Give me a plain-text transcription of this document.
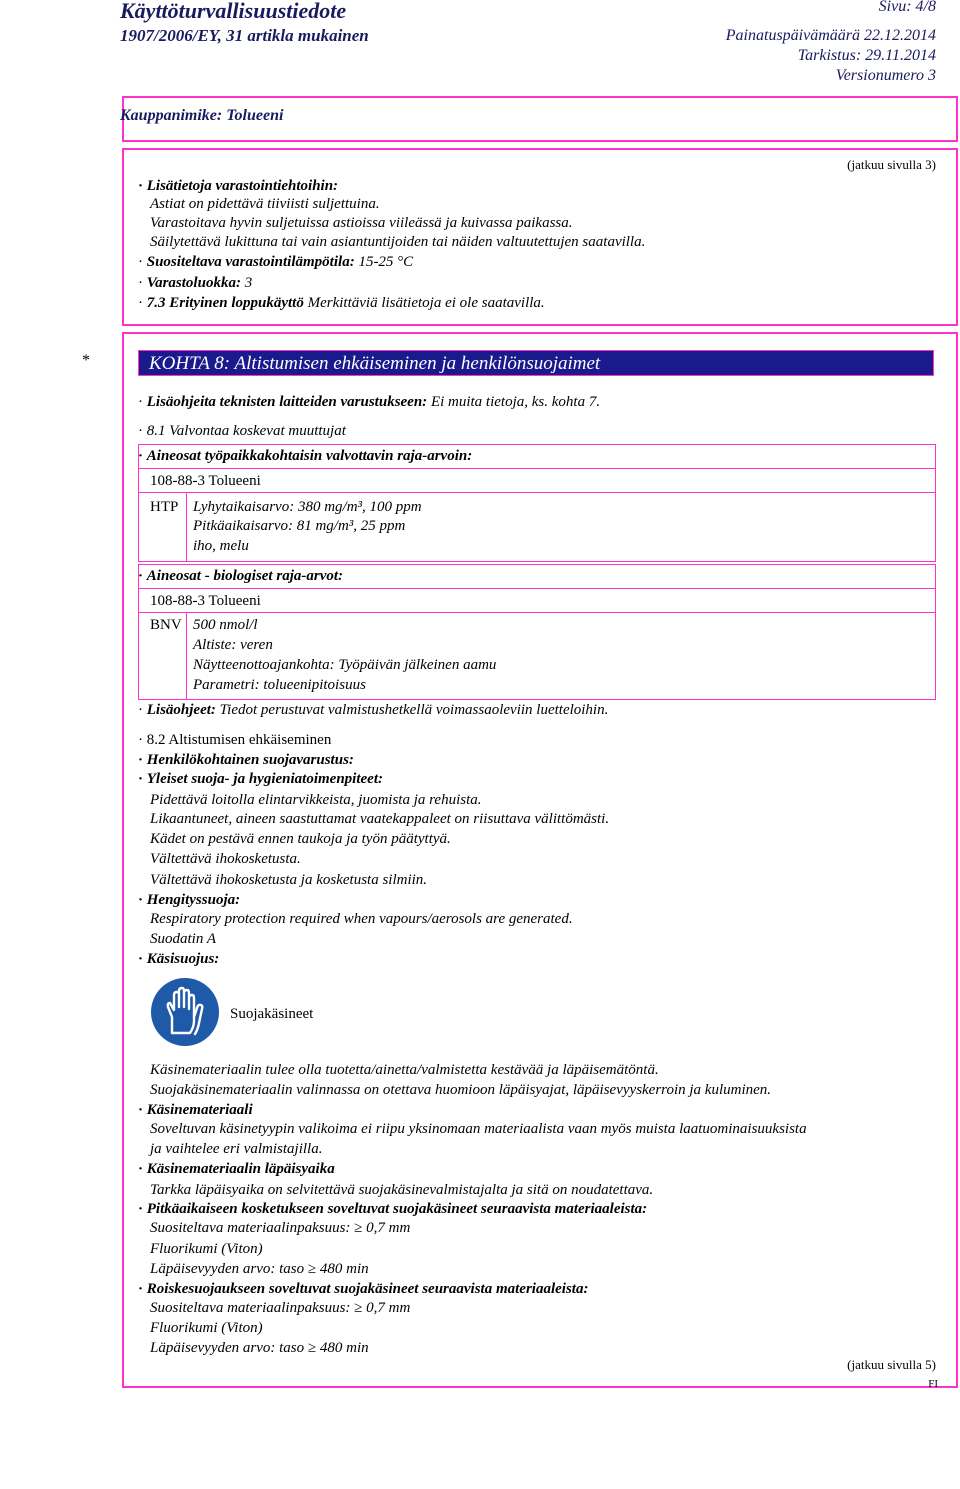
Käyttöturvallisuustiedote
1907/2006/EY, 31 artikla mukainen
Sivu: 4/8
Painatuspäivämäärä 22.12.2014
Tarkistus: 29.11.2014
Versionumero 3
Kauppanimike: Tolueeni
(jatkuu sivulla 3)
· Lisätietoja varastointiehtoihin:
Astiat on pidettävä tiiviisti suljettuina.
Varastoitava hyvin suljetuissa astioissa viileässä ja kuivassa paikassa.
Säilytettävä lukittuna tai vain asiantuntijoiden tai näiden valtuutettujen saatavilla.
· Suositeltava varastointilämpötila: 15-25 °C
· Varastoluokka: 3
· 7.3 Erityinen loppukäyttö Merkittäviä lisätietoja ei ole saatavilla.
*	KOHTA 8: Altistumisen ehkäiseminen ja henkilönsuojaimet
· Lisäohjeita teknisten laitteiden varustukseen: Ei muita tietoja, ks. kohta 7.
· 8.1 Valvontaa koskevat muuttujat
· Aineosat työpaikkakohtaisin valvottavin raja-arvoin:
108-88-3 Tolueeni
HTP Lyhytaikaisarvo: 380 mg/m³, 100 ppm
Pitkäaikaisarvo: 81 mg/m³, 25 ppm
iho, melu
· Aineosat - biologiset raja-arvot:
108-88-3 Tolueeni
BNV 500 nmol/l
Altiste: veren
Näytteenottoajankohta: Työpäivän jälkeinen aamu
Parametri: tolueenipitoisuus
· Lisäohjeet: Tiedot perustuvat valmistushetkellä voimassaoleviin luetteloihin.
· 8.2 Altistumisen ehkäiseminen
· Henkilökohtainen suojavarustus:
· Yleiset suoja- ja hygieniatoimenpiteet:
Pidettävä loitolla elintarvikkeista, juomista ja rehuista.
Likaantuneet, aineen saastuttamat vaatekappaleet on riisuttava välittömästi.
Kädet on pestävä ennen taukoja ja työn päätyttyä.
Vältettävä ihokosketusta.
Vältettävä ihokosketusta ja kosketusta silmiin.
· Hengityssuoja:
Respiratory protection required when vapours/aerosols are generated.
Suodatin A
· Käsisuojus:
Suojakäsineet
Käsinemateriaalin tulee olla tuotetta/ainetta/valmistetta kestävää ja läpäisemätöntä.
Suojakäsinemateriaalin valinnassa on otettava huomioon läpäisyajat, läpäisevyyskerroin ja kuluminen.
· Käsinemateriaali
Soveltuvan käsinetyypin valikoima ei riipu yksinomaan materiaalista vaan myös muista laatuominaisuuksista
ja vaihtelee eri valmistajilla.
· Käsinemateriaalin läpäisyaika
Tarkka läpäisyaika on selvitettävä suojakäsinevalmistajalta ja sitä on noudatettava.
· Pitkäaikaiseen kosketukseen soveltuvat suojakäsineet seuraavista materiaaleista:
Suositeltava materiaalinpaksuus: ≥ 0,7 mm
Fluorikumi (Viton)
Läpäisevyyden arvo: taso ≥ 480 min
· Roiskesuojaukseen soveltuvat suojakäsineet seuraavista materiaaleista:
Suositeltava materiaalinpaksuus: ≥ 0,7 mm
Fluorikumi (Viton)
Läpäisevyyden arvo: taso ≥ 480 min
(jatkuu sivulla 5)
FI
